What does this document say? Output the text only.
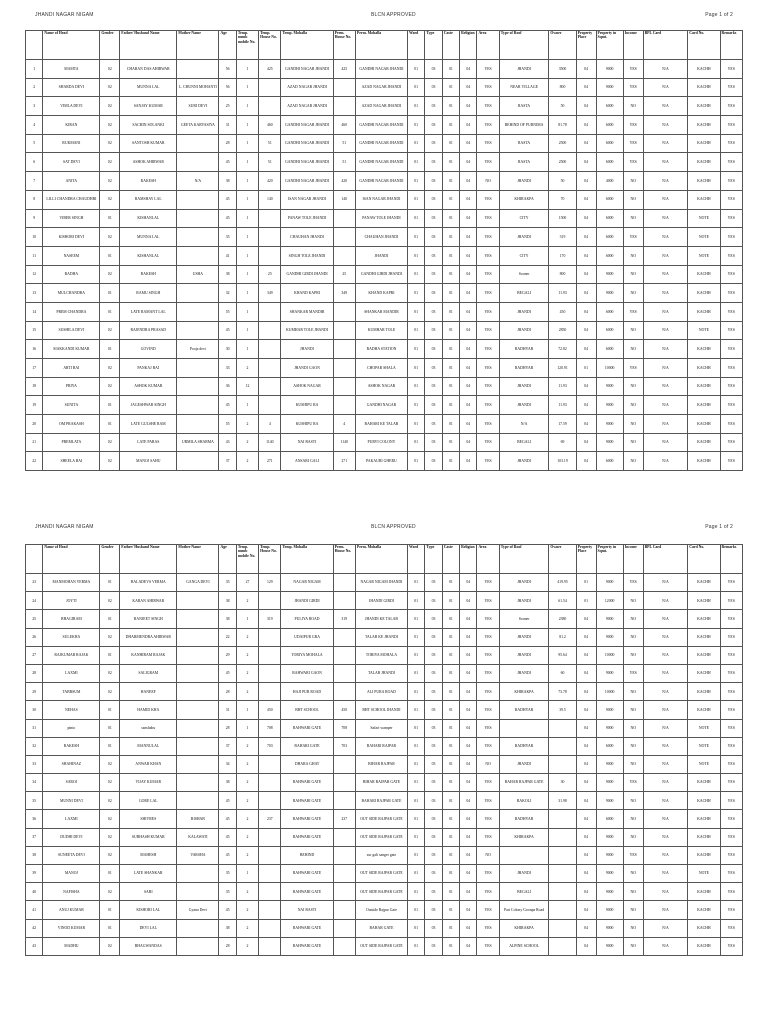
JHANDI NAGAR NIGAM	BLCN APPROVED	Page 1 of 2
	Name of Head	Gender	Father/ Husband Name	Mother Name	Age	Temp. numb mobile No.	Temp. House No.	Temp. Mohalla	Perm. House No.	Perm. Mohalla	Ward	Type	Caste	Religion	Area	Type of Roof	Owner	Property Place	Property in Sqmt.	Income	BPL Card	Card No.	Remarks
1	MAMTA	02	CHARAN DAS AHIRWAR		56	1	425	GANDHI NAGAR JHANDI	425	GANDHI NAGAR JHANDI	01	03	01	04	YES	JHANDI	3500	04	9000	YES	N/A	KACHH	YES
2	SHARDA DEVI	02	MUNNA LAL	L. CHUNNI MOHANTI	56	1		AZAD NAGAR JHANDI		AZAD NAGAR JHANDI	01	03	01	04	YES	NEAR VILLAGE	800	04	9000	YES	N/A	KACHH	YES
3	VIMLA DEVI	02	SANJAY KUMAR	SURI DEVI	25	1		AZAD NAGAR JHANDI		AZAD NAGAR JHANDI	01	03	01	04	YES	RASTA	50	04	6000	NO	N/A	KACHH	YES
4	KIRAN	02	SACHIN SOLANKI	GEETA KARVASIYA	31	1	460	GANDHI NAGAR JHANDI	460	GANDHI NAGAR JHANDI	01	03	01	04	YES	BEHIND OF PURNIMA	81.78	04	6000	YES	N/A	KACHH	YES
5	RUKMANI	02	SANTOSH KUMAR		28	1	51	GANDHI NAGAR JHANDI	51	GANDHI NAGAR JHANDI	01	03	01	04	YES	RASTA	2500	04	6000	YES	N/A	KACHH	YES
6	SAT DEVI	02	ASHOK AHIRWAR		45	1	51	GANDHI NAGAR JHANDI	51	GANDHI NAGAR JHANDI	01	03	01	04	YES	RASTA	2500	04	6000	YES	N/A	KACHH	YES
7	ANITA	02	RAKESH	N/A	38	1	420	GANDHI NAGAR JHANDI	420	GANDHI NAGAR JHANDI	01	03	01	04	NO	JHANDI	50	04	4000	NO	N/A	KACHH	YES
8	LILLI CHANDRA CHAUDHRI	02	RAMSHAY LAL		45	1	140	ISAN NAGAR JHANDI	140	ISAN NAGAR JHANDI	01	03	01	04	YES	KHIRAKPA	70	04	6000	NO	N/A	KACHH	YES
9	VIBER SINGH	01	KISHANLAL		45	1		PANAW TOLE JHANDI		PANAW TOLE JHANDI	01	03	01	04	YES	CITY	1500	04	6000	NO	N/A	NOTE	YES
10	KISHORI DEVI	02	MUNNA LAL		35	1		CHAUHAN JHANDI		CHAUHAN JHANDI	01	03	01	04	YES	JHANDI	319	04	6000	YES	N/A	NOTE	YES
11	NASEEM	01	KISHANLAL		41	1		SINGH TOLE JHANDI		JHANDI	01	03	01	04	YES	CITY	170	04	6000	NO	N/A	NOTE	YES
12	RADHA	02	RAKESH	USHA	38	1	25	GANDHI GIRDI JHANDI	25	GANDHI GIRDI JHANDI	01	03	01	04	YES	Sooner	800	04	9000	NO	N/A	KACHH	YES
13	MULCHANDRA	01	RAMU SINGH		32	1	349	KHAND KAPRI	349	KHAND KAPRI	01	03	01	04	YES	BEGALI	11.93	04	9000	NO	N/A	KACHH	YES
14	PREM CHANDRA	01	LATE RAMANT LAL		55	1		SHANKAR MANDIR		SHANKAR MANDIR	01	03	01	04	YES	JHANDI	450	04	6000	YES	N/A	KACHH	YES
15	SUSHILA DEVI	02	RAJENDRA PRASAD		45	1		KUMHAR TOLE JHANDI		KUMHAR TOLE	01	03	01	04	YES	JHANDI	2850	04	6000	NO	N/A	NOTE	YES
16	SIAKKANDI KUMAR	01	GOVIND	Pooja devi	30	1		JHANDI		RADHA STATION	01	03	01	04	YES	RADHYAR	72.82	04	6000	NO	N/A	KACHH	YES
17	ARTI BAI	02	PANKAJ BAI		33	2		JHANDI GAON		CHOPAR SHALA	01	03	01	04	YES	RADHYAR	120.91	01	10000	YES	N/A	KACHH	YES
18	PRIYA	02	ASHOK KUMAR		36	12		ASHOK NAGAR		ASHOK NAGAR	01	03	01	04	YES	JHANDI	11.93	04	9000	NO	N/A	KACHH	YES
19	SUNITA	01	JAGESHWAR SINGH		45	1		KUSHIPU RA		GANDHI NAGAR	01	03	01	04	YES	JHANDI	11.93	04	9000	NO	N/A	KACHH	YES
20	OM PRAKASH	01	LATE GULSHE RAM		55	2	4	KUSHIPU RA	4	BAHARI KE TALAB	01	03	01	04	YES	N/A	17.59	04	9000	NO	N/A	KACHH	YES
21	PREMLATA	02	LATE PARAS	URMILA SHARMA	43	2	1140	NAI BASTI	1140	PURVI COLONY	01	03	01	04	YES	BEGALI	69	04	9000	NO	N/A	KACHH	YES
22	SHEELA BAI	02	MANOJ SAHU		37	2	271	ANSARI GALI	271	PAKAURI GHERU	01	03	01	04	YES	JHANDI	103.19	04	6000	NO	N/A	KACHH	YES
JHANDI NAGAR NIGAM	BLCN APPROVED	Page 1 of 2
	Name of Head	Gender	Father/ Husband Name	Mother Name	Age	Temp. numb mobile No.	Temp. House No.	Temp. Mohalla	Perm. House No.	Perm. Mohalla	Ward	Type	Caste	Religion	Area	Type of Roof	Owner	Property Place	Property in Sqmt.	Income	BPL Card	Card No.	Remarks
23	MANMOHAN VERMA	01	BALADEVS VERMA	GANGA DEVI	35	27	129	NAGAR NIGAM		NAGAR NIGAM JHANDI	01	03	01	04	YES	JHANDI	419.95	01	9000	YES	N/A	KACHH	YES
24	JOYTI	02	KARAN AHIRWAR		38	2		JHANDI GIRDI		JHANDI GIRDI	01	03	01	04	YES	JHANDI	61.54	01	12000	NO	N/A	KACHH	YES
25	BHAGIRAM	01	RANJEET SINGH		38	1	319	PULIYA ROAD	319	JHANDI KE TALAB	01	03	01	04	YES	Sooner	2380	04	9000	NO	N/A	KACHH	YES
26	SULEKHA	02	DHARMENDRA AHIRWAR		22	2		UDAIPUR GRA		TALAB KE JHANDI	01	03	01	04	YES	JHANDI	81.2	04	9000	NO	N/A	KACHH	YES
27	RAJKUMAR RAJAK	01	KANHIRAM RAJAK		29	2		TORIYA MOHALA		TORIYA MOHALA	01	03	01	04	YES	JHANDI	95.64	04	10000	NO	N/A	KACHH	YES
28	LAXMI	02	SALIGRAM		45	2		RAHWARI GAON		TALAB JHANDI	01	03	01	04	YES	JHANDI	60	04	9000	YES	N/A	KACHH	YES
29	TABBSUM	02	HANEEF		28	2		HAJI PUR ROAD		ALI PURA ROAD	01	03	01	04	YES	KHIRAKPA	73.78	04	10000	NO	N/A	KACHH	YES
30	NEHAS	01	HAMID KHA		31	1	450	BHT SCHOOL	450	BHT SCHOOL JHANDI	01	03	01	04	YES	RADHYAR	39.5	04	9000	NO	N/A	KACHH	YES
31	pinto	01	sanshabu		28	1	708	RAHWARI GATE	708	Safari wamper	01	03	01	04	YES			04	9000	NO	N/A	NOTE	YES
32	RAKESH	01	MANNULAL		37	2	703	BAHARI GATE	703	BAHARI RAJPAR	01	03	01	04	YES	RADHYAR		04	6000	NO	N/A	NOTE	YES
33	SHAHINAZ	02	ANWAR KHAN		34	2		DHARA GHAT		BIHAR RAJPAR	01	03	01	04	NO	JHANDI		04	9000	NO	N/A	NOTE	YES
34	SAROJ	02	VIJAY KUMAR		38	2		RAHWARI GATE		BIHAR RAJPAR GATE	01	03	01	04	YES	BAHAR RAJPAR GATE	30	04	9000	YES	N/A	KACHH	YES
35	MUNNI DEVI	02	GORE LAL		45	2		RAHWARI GATE		BAHARI RAJPAR GATE	01	03	01	04	YES	BAKOLI	31.98	04	9000	NO	N/A	KACHH	YES
36	LAXMI	02	SHIVRES	RISHAB	45	2	237	RAHWARI GATE	237	OUT SIDE RAJPAR GATE	01	03	01	04	YES	RADHYAR		04	6000	NO	N/A	KACHH	YES
37	DUDHI DEVI	02	SUBHASH KUMAR	KALAWATI	45	2		RAHWARI GATE		OUT SIDE RAJPAR GATE	01	03	01	04	YES	KHIRAKPA		04	9000	NO	N/A	KACHH	YES
38	SUNEETA DEVI	02	MAHESH	VARSHA	45	2		BEHIND		sur gali sanger gate	01	03	01	04	NO			04	9000	YES	N/A	KACHH	YES
39	MANOJ	01	LATE SHANKAR		35	1		RAHWARI GATE		OUT SIDE RAJPAR GATE	01	03	01	04	YES	JHANDI		04	9000	NO	N/A	NOTE	YES
40	NAFISHA	02	SABI		35	2		RAHWARI GATE		OUT SIDE RAJPAR GATE	01	03	01	04	YES	BEGALI		04	9000	NO	N/A	KACHH	YES
41	ANUJ KUMAR	01	KISHORI LAL	Gyana Devi	45	2		NAI BASTI		Outside Rajpar Gate	01	03	01	04	YES	Part Colony Goonpa Road		04	9000	NO	N/A	KACHH	YES
42	VINOD KUMAR	01	DEVI LAL		38	2		RAHWARI GATE		BAHAR GATE	01	03	01	04	YES	KHIRAKPA		04	9000	NO	N/A	KACHH	YES
43	MADHU	02	BHAGWANDAS		28	2		RAHWARI GATE		OUT SIDE RAJPAR GATE	01	03	01	04	YES	ALPINE SCHOOL		04	9000	NO	N/A	KACHH	YES
